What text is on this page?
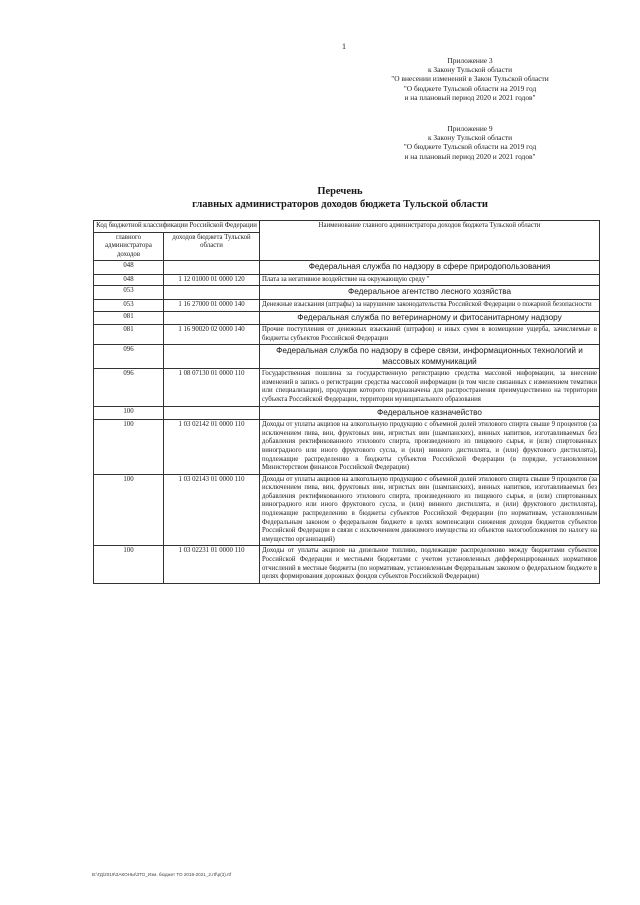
1
Приложение 3
к Закону Тульской области
"О внесении изменений в Закон Тульской области
"О бюджете Тульской области на 2019 год
и на плановый период 2020 и 2021 годов"
Приложение 9
к Закону Тульской области
"О бюджете Тульской области на 2019 год
и на плановый период 2020 и 2021 годов"
Перечень
главных администраторов доходов бюджета Тульской области
Код бюджетной классификации Российской Федерации		Наименование главного администратора доходов бюджета Тульской области
главного администратора доходов	доходов бюджета Тульской области	
048		Федеральная служба по надзору в сфере природопользования
048	1 12 01000 01 0000 120	Плата за негативное воздействие на окружающую среду "
053		Федеральное агентство лесного хозяйства
053	1 16 27000 01 0000 140	Денежные взыскания (штрафы) за нарушение законодательства Российской Федерации о пожарной безопасности
081		Федеральная служба по ветеринарному и фитосанитарному надзору
081	1 16 90020 02 0000 140	Прочие поступления от денежных взысканий (штрафов) и иных сумм в возмещение ущерба, зачисляемые в бюджеты субъектов Российской Федерации
096		Федеральная служба по надзору в сфере связи, информационных технологий и массовых коммуникаций
096	1 08 07130 01 0000 110	Государственная пошлина за государственную регистрацию средства массовой информации, за внесение изменений в запись о регистрации средства массовой информации (в том числе связанных с изменением тематики или специализации), продукция которого предназначена для распространения преимущественно на территории субъекта Российской Федерации, территории муниципального образования
100		Федеральное казначейство
100	1 03 02142 01 0000 110	Доходы от уплаты акцизов на алкогольную продукцию с объемной долей этилового спирта свыше 9 процентов (за исключением пива, вин, фруктовых вин, игристых вин (шампанских), винных напитков, изготавливаемых без добавления ректификованного этилового спирта, произведенного из пищевого сырья, и (или) спиртованных виноградного или иного фруктового сусла, и (или) винного дистиллята, и (или) фруктового дистиллята), подлежащие распределению в бюджеты субъектов Российской Федерации (в порядке, установленном Министерством финансов Российской Федерации)
100	1 03 02143 01 0000 110	Доходы от уплаты акцизов на алкогольную продукцию с объемной долей этилового спирта свыше 9 процентов (за исключением пива, вин, фруктовых вин, игристых вин (шампанских), винных напитков, изготавливаемых без добавления ректификованного этилового спирта, произведенного из пищевого сырья, и (или) спиртованных виноградного или иного фруктового сусла, и (или) винного дистиллята, и (или) фруктового дистиллята), подлежащие распределению в бюджеты субъектов Российской Федерации (по нормативам, установленным Федеральным законом о федеральном бюджете в целях компенсации снижения доходов бюджетов субъектов Российской Федерации в связи с исключением движимого имущества из объектов налогообложения по налогу на имущество организаций)
100	1 03 02231 01 0000 110	Доходы от уплаты акцизов на дизельное топливо, подлежащие распределению между бюджетами субъектов Российской Федерации и местными бюджетами с учетом установленных дифференцированных нормативов отчислений в местные бюджеты (по нормативам, установленным Федеральным законом о федеральном бюджете в целях формирования дорожных фондов субъектов Российской Федерации)
B:\ГД\2019\ЗАКОНЫ\ЗТО_Изм. бюджет ТО 2019-2021_2.rtf\р(3).rtf
